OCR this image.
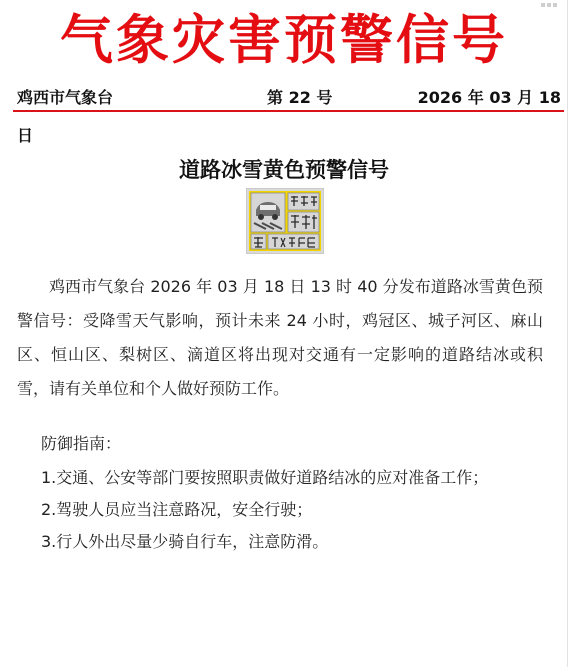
气象灾害预警信号
鸡西市气象台	第 22 号	2026 年 03 月 18
日
道路冰雪黄色预警信号

鸡西市气象台 2026 年 03 月 18 日 13 时 40 分发布道路冰雪黄色预警信号：受降雪天气影响，预计未来 24 小时，鸡冠区、城子河区、麻山区、恒山区、梨树区、滴道区将出现对交通有一定影响的道路结冰或积雪，请有关单位和个人做好预防工作。

防御指南：
1.交通、公安等部门要按照职责做好道路结冰的应对准备工作；
2.驾驶人员应当注意路况，安全行驶；
3.行人外出尽量少骑自行车，注意防滑。
